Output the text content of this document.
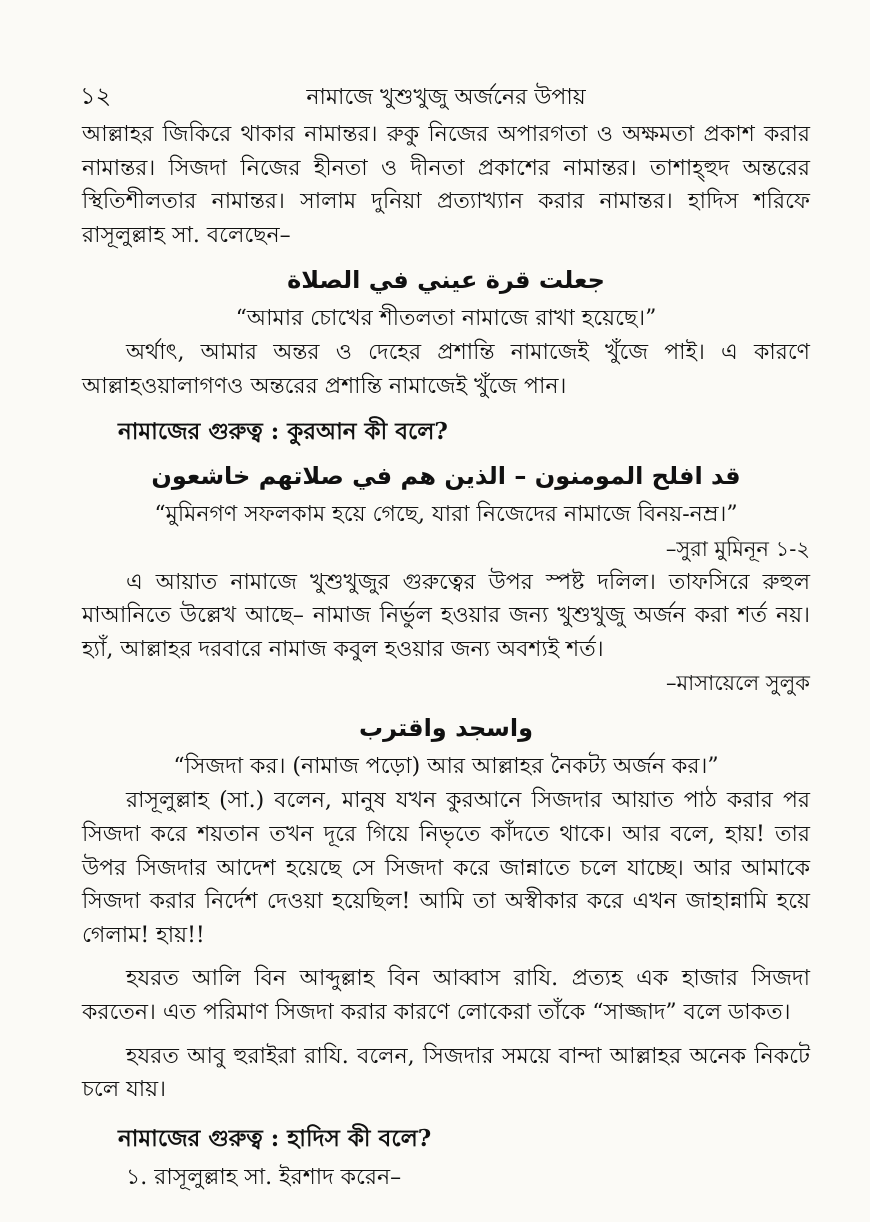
১২	নামাজে খুশুখুজু অর্জনের উপায়

আল্লাহর জিকিরে থাকার নামান্তর। রুকু নিজের অপারগতা ও অক্ষমতা প্রকাশ করার নামান্তর। সিজদা নিজের হীনতা ও দীনতা প্রকাশের নামান্তর। তাশাহ্‌হুদ অন্তরের স্থিতিশীলতার নামান্তর। সালাম দুনিয়া প্রত্যাখ্যান করার নামান্তর। হাদিস শরিফে রাসূলুল্লাহ সা. বলেছেন–

جعلت قرة عيني في الصلاة

“আমার চোখের শীতলতা নামাজে রাখা হয়েছে।”

অর্থাৎ, আমার অন্তর ও দেহের প্রশান্তি নামাজেই খুঁজে পাই। এ কারণে আল্লাহওয়ালাগণও অন্তরের প্রশান্তি নামাজেই খুঁজে পান।

নামাজের গুরুত্ব : কুরআন কী বলে?

قد افلح المومنون – الذين هم في صلاتهم خاشعون

“মুমিনগণ সফলকাম হয়ে গেছে, যারা নিজেদের নামাজে বিনয়-নম্র।”

–সুরা মুমিনূন ১-২

এ আয়াত নামাজে খুশুখুজুর গুরুত্বের উপর স্পষ্ট দলিল। তাফসিরে রুহুল মাআনিতে উল্লেখ আছে– নামাজ নির্ভুল হওয়ার জন্য খুশুখুজু অর্জন করা শর্ত নয়। হ্যাঁ, আল্লাহর দরবারে নামাজ কবুল হওয়ার জন্য অবশ্যই শর্ত।

–মাসায়েলে সুলুক

واسجد واقترب

“সিজদা কর। (নামাজ পড়ো) আর আল্লাহর নৈকট্য অর্জন কর।”

রাসূলুল্লাহ (সা.) বলেন, মানুষ যখন কুরআনে সিজদার আয়াত পাঠ করার পর সিজদা করে শয়তান তখন দূরে গিয়ে নিভৃতে কাঁদতে থাকে। আর বলে, হায়! তার উপর সিজদার আদেশ হয়েছে সে সিজদা করে জান্নাতে চলে যাচ্ছে। আর আমাকে সিজদা করার নির্দেশ দেওয়া হয়েছিল! আমি তা অস্বীকার করে এখন জাহান্নামি হয়ে গেলাম! হায়!!

হযরত আলি বিন আব্দুল্লাহ বিন আব্বাস রাযি. প্রত্যহ এক হাজার সিজদা করতেন। এত পরিমাণ সিজদা করার কারণে লোকেরা তাঁকে “সাজ্জাদ” বলে ডাকত।

হযরত আবু হুরাইরা রাযি. বলেন, সিজদার সময়ে বান্দা আল্লাহর অনেক নিকটে চলে যায়।

নামাজের গুরুত্ব : হাদিস কী বলে?

১. রাসূলুল্লাহ সা. ইরশাদ করেন–
